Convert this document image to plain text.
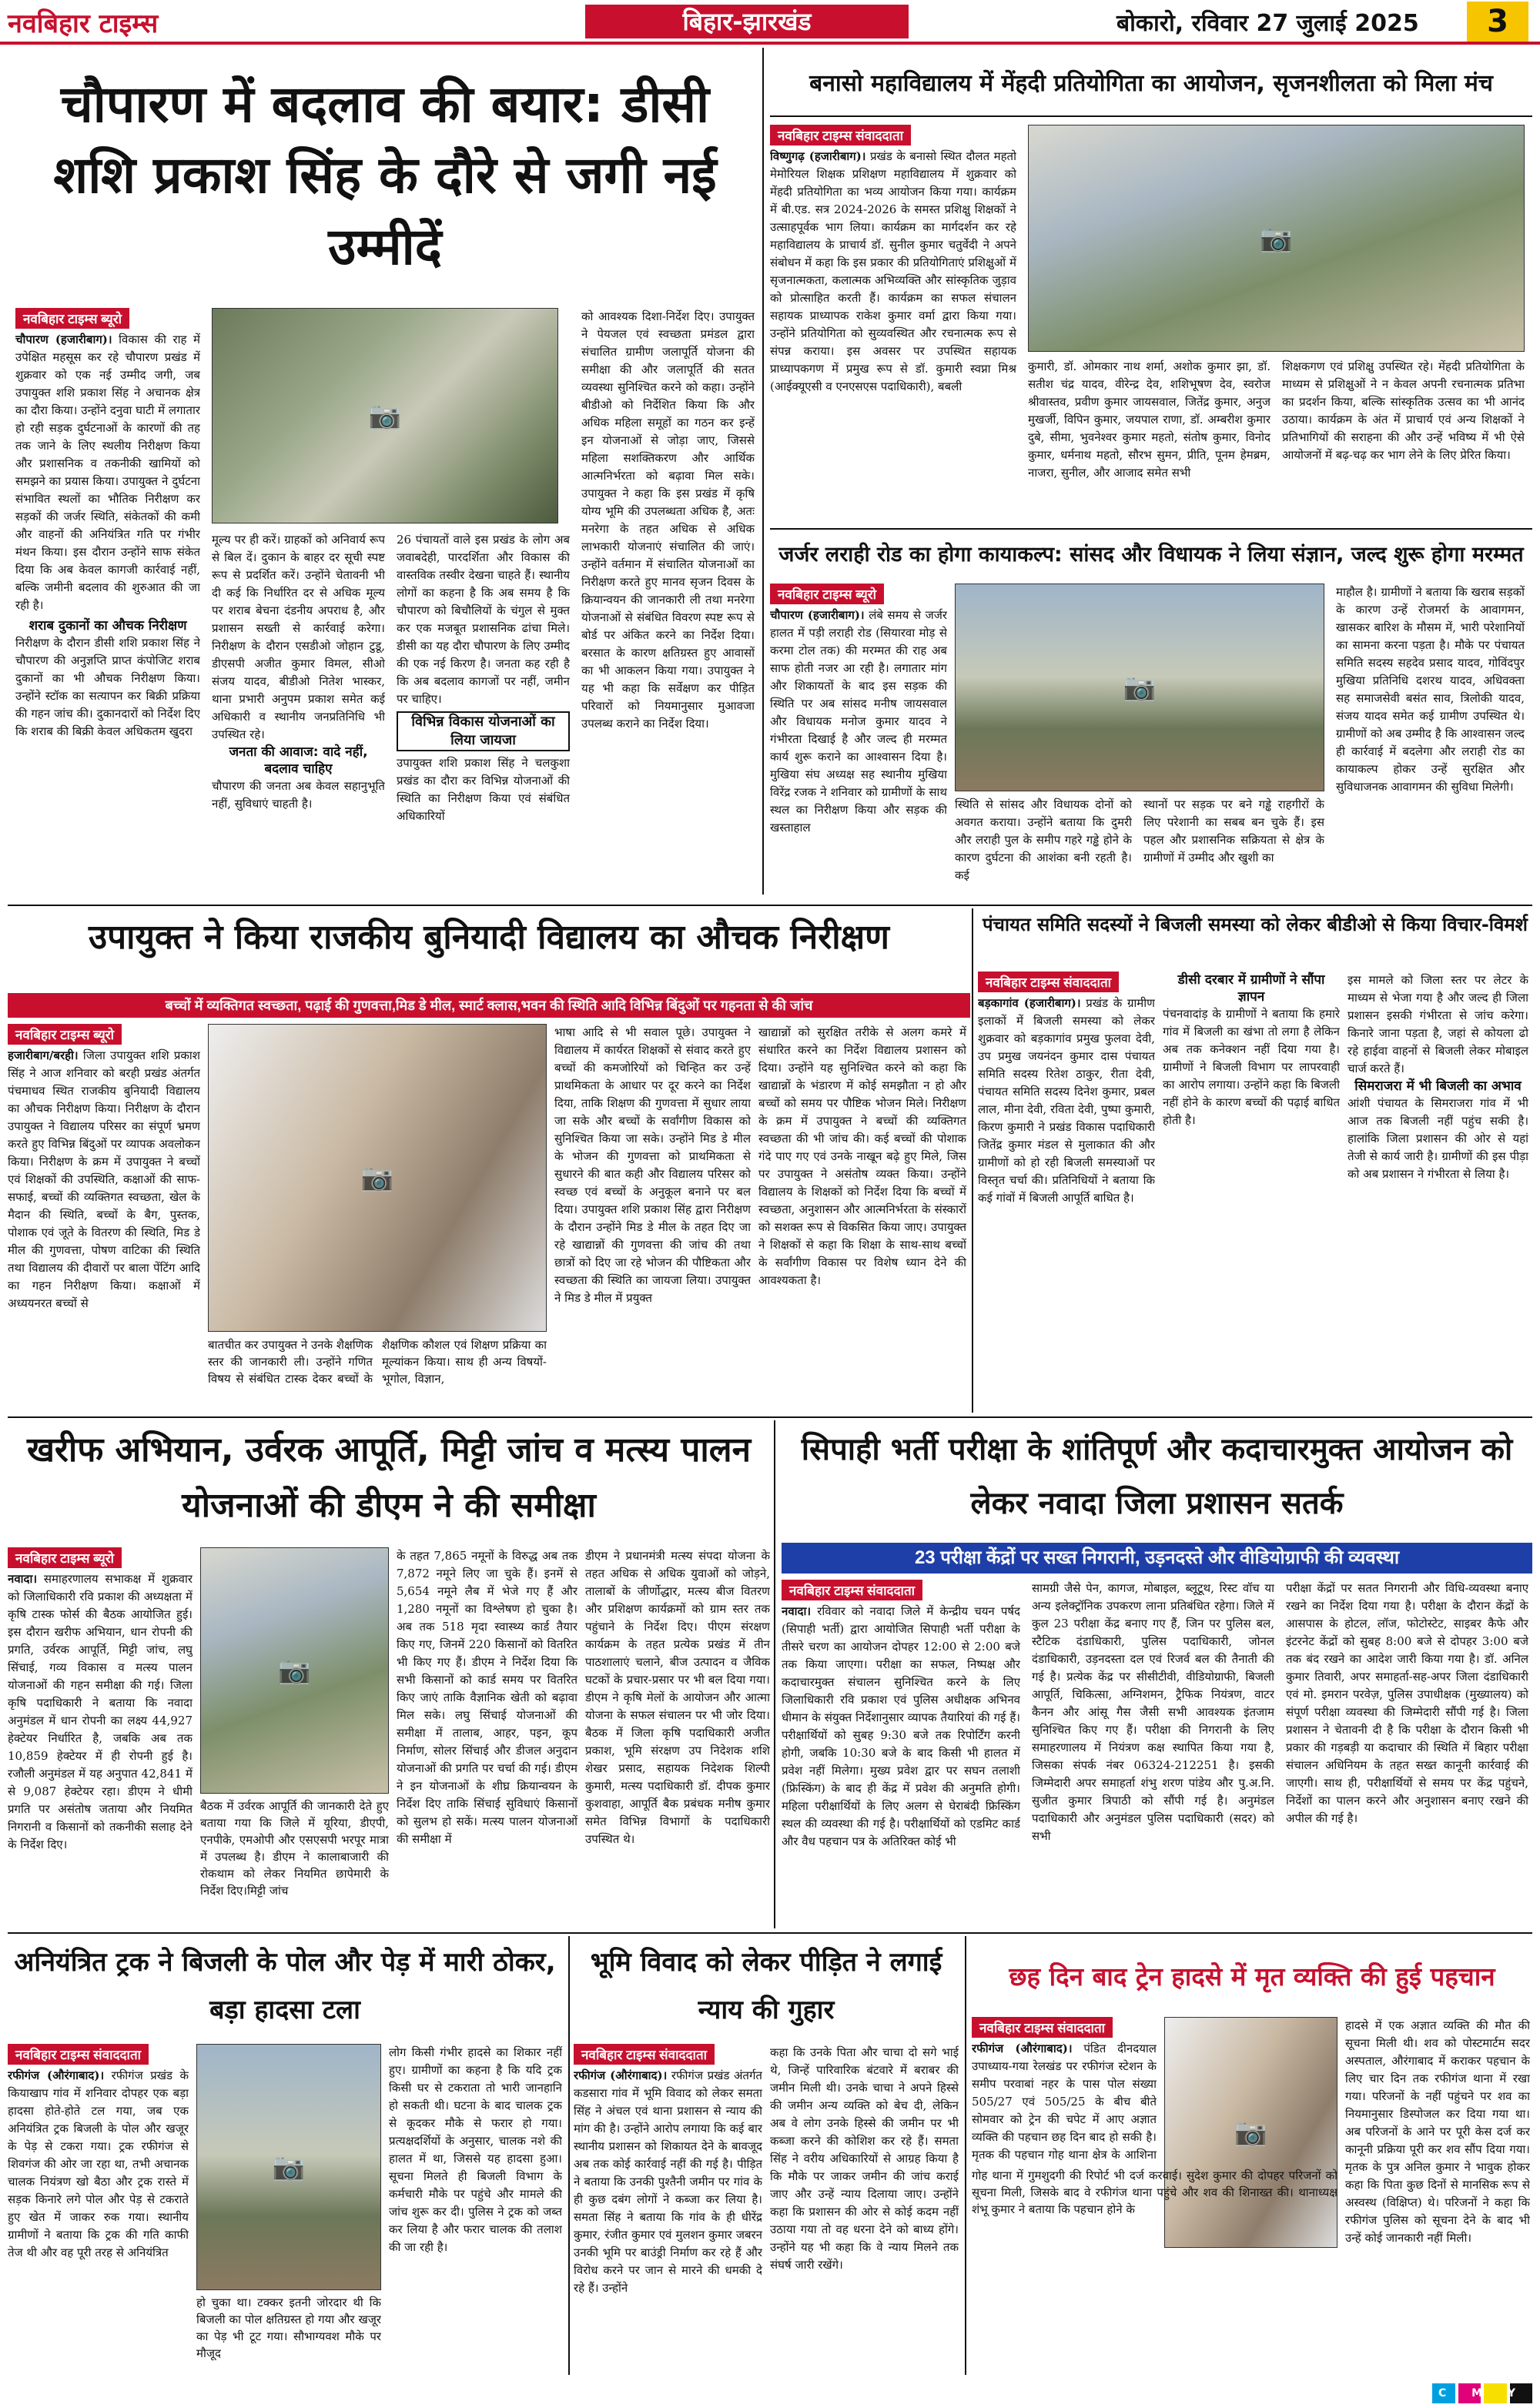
नवबिहार टाइम्स	बिहार-झारखंड	बोकारो, रविवार 27 जुलाई 2025	3
चौपारण में बदलाव की बयार: डीसी शशि प्रकाश सिंह के दौरे से जगी नई उम्मीदें
नवबिहार टाइम्स ब्यूरो
चौपारण (हजारीबाग)। विकास की राह में उपेक्षित महसूस कर रहे चौपारण प्रखंड में शुक्रवार को एक नई उम्मीद जगी, जब उपायुक्त शशि प्रकाश सिंह ने अचानक क्षेत्र का दौरा किया। उन्होंने दनुवा घाटी में लगातार हो रही सड़क दुर्घटनाओं के कारणों की तह तक जाने के लिए स्थलीय निरीक्षण किया और प्रशासनिक व तकनीकी खामियों को समझने का प्रयास किया। उपायुक्त ने दुर्घटना संभावित स्थलों का भौतिक निरीक्षण कर सड़कों की जर्जर स्थिति, संकेतकों की कमी और वाहनों की अनियंत्रित गति पर गंभीर मंथन किया। इस दौरान उन्होंने साफ संकेत दिया कि अब केवल कागजी कार्रवाई नहीं, बल्कि जमीनी बदलाव की शुरुआत की जा रही है।
शराब दुकानों का औचक निरीक्षण
निरीक्षण के दौरान डीसी शशि प्रकाश सिंह ने चौपारण की अनुज्ञप्ति प्राप्त कंपोजिट शराब दुकानों का भी औचक निरीक्षण किया। उन्होंने स्टॉक का सत्यापन कर बिक्री प्रक्रिया की गहन जांच की। दुकानदारों को निर्देश दिए कि शराब की बिक्री केवल अधिकतम खुदरा
📷
मूल्य पर ही करें। ग्राहकों को अनिवार्य रूप से बिल दें। दुकान के बाहर दर सूची स्पष्ट रूप से प्रदर्शित करें। उन्होंने चेतावनी भी दी कई कि निर्धारित दर से अधिक मूल्य पर शराब बेचना दंडनीय अपराध है, और प्रशासन सख्ती से कार्रवाई करेगा। निरीक्षण के दौरान एसडीओ जोहान टुडू, डीएसपी अजीत कुमार विमल, सीओ संजय यादव, बीडीओ नितेश भास्कर, थाना प्रभारी अनुपम प्रकाश समेत कई अधिकारी व स्थानीय जनप्रतिनिधि भी उपस्थित रहे।
जनता की आवाज: वादे नहीं, बदलाव चाहिए
चौपारण की जनता अब केवल सहानुभूति नहीं, सुविधाएं चाहती है।
26 पंचायतों वाले इस प्रखंड के लोग अब जवाबदेही, पारदर्शिता और विकास की वास्तविक तस्वीर देखना चाहते हैं। स्थानीय लोगों का कहना है कि अब समय है कि चौपारण को बिचौलियों के चंगुल से मुक्त कर एक मजबूत प्रशासनिक ढांचा मिले। डीसी का यह दौरा चौपारण के लिए उम्मीद की एक नई किरण है। जनता कह रही है कि अब बदलाव कागजों पर नहीं, जमीन पर चाहिए।
विभिन्न विकास योजनाओं का लिया जायजा
उपायुक्त शशि प्रकाश सिंह ने चलकुशा प्रखंड का दौरा कर विभिन्न योजनाओं की स्थिति का निरीक्षण किया एवं संबंधित अधिकारियों
को आवश्यक दिशा-निर्देश दिए। उपायुक्त ने पेयजल एवं स्वच्छता प्रमंडल द्वारा संचालित ग्रामीण जलापूर्ति योजना की समीक्षा की और जलापूर्ति की सतत व्यवस्था सुनिश्चित करने को कहा। उन्होंने बीडीओ को निर्देशित किया कि और अधिक महिला समूहों का गठन कर इन्हें इन योजनाओं से जोड़ा जाए, जिससे महिला सशक्तिकरण और आर्थिक आत्मनिर्भरता को बढ़ावा मिल सके। उपायुक्त ने कहा कि इस प्रखंड में कृषि योग्य भूमि की उपलब्धता अधिक है, अतः मनरेगा के तहत अधिक से अधिक लाभकारी योजनाएं संचालित की जाएं। उन्होंने वर्तमान में संचालित योजनाओं का निरीक्षण करते हुए मानव सृजन दिवस के क्रियान्वयन की जानकारी ली तथा मनरेगा योजनाओं से संबंधित विवरण स्पष्ट रूप से बोर्ड पर अंकित करने का निर्देश दिया। बरसात के कारण क्षतिग्रस्त हुए आवासों का भी आकलन किया गया। उपायुक्त ने यह भी कहा कि सर्वेक्षण कर पीड़ित परिवारों को नियमानुसार मुआवजा उपलब्ध कराने का निर्देश दिया।
बनासो महाविद्यालय में मेंहदी प्रतियोगिता का आयोजन, सृजनशीलता को मिला मंच
नवबिहार टाइम्स संवाददाता
विष्णुगढ़ (हजारीबाग)। प्रखंड के बनासो स्थित दौलत महतो मेमोरियल शिक्षक प्रशिक्षण महाविद्यालय में शुक्रवार को मेंहदी प्रतियोगिता का भव्य आयोजन किया गया। कार्यक्रम में बी.एड. सत्र 2024-2026 के समस्त प्रशिक्षु शिक्षकों ने उत्साहपूर्वक भाग लिया। कार्यक्रम का मार्गदर्शन कर रहे महाविद्यालय के प्राचार्य डॉ. सुनील कुमार चतुर्वेदी ने अपने संबोधन में कहा कि इस प्रकार की प्रतियोगिताएं प्रशिक्षुओं में सृजनात्मकता, कलात्मक अभिव्यक्ति और सांस्कृतिक जुड़ाव को प्रोत्साहित करती हैं। कार्यक्रम का सफल संचालन सहायक प्राध्यापक राकेश कुमार वर्मा द्वारा किया गया। उन्होंने प्रतियोगिता को सुव्यवस्थित और रचनात्मक रूप से संपन्न कराया। इस अवसर पर उपस्थित सहायक प्राध्यापकगण में प्रमुख रूप से डॉ. कुमारी स्वप्ना मिश्र (आईक्यूएसी व एनएसएस पदाधिकारी), बबली
📷
कुमारी, डॉ. ओमकार नाथ शर्मा, अशोक कुमार झा, डॉ. सतीश चंद्र यादव, वीरेन्द्र देव, शशिभूषण देव, स्वरोज श्रीवास्तव, प्रवीण कुमार जायसवाल, जितेंद्र कुमार, अनुज मुखर्जी, विपिन कुमार, जयपाल राणा, डॉ. अम्बरीश कुमार दुबे, सीमा, भुवनेश्वर कुमार महतो, संतोष कुमार, विनोद कुमार, धर्मनाथ महतो, सौरभ सुमन, प्रीति, पूनम हेमब्रम, नाजरा, सुनील, और आजाद समेत सभी
शिक्षकगण एवं प्रशिक्षु उपस्थित रहे। मेंहदी प्रतियोगिता के माध्यम से प्रशिक्षुओं ने न केवल अपनी रचनात्मक प्रतिभा का प्रदर्शन किया, बल्कि सांस्कृतिक उत्सव का भी आनंद उठाया। कार्यक्रम के अंत में प्राचार्य एवं अन्य शिक्षकों ने प्रतिभागियों की सराहना की और उन्हें भविष्य में भी ऐसे आयोजनों में बढ़-चढ़ कर भाग लेने के लिए प्रेरित किया।
जर्जर लराही रोड का होगा कायाकल्प: सांसद और विधायक ने लिया संज्ञान, जल्द शुरू होगा मरम्मत
नवबिहार टाइम्स ब्यूरो
चौपारण (हजारीबाग)। लंबे समय से जर्जर हालत में पड़ी लराही रोड (सियारवा मोड़ से करमा टोल तक) की मरम्मत की राह अब साफ होती नजर आ रही है। लगातार मांग और शिकायतों के बाद इस सड़क की स्थिति पर अब सांसद मनीष जायसवाल और विधायक मनोज कुमार यादव ने गंभीरता दिखाई है और जल्द ही मरम्मत कार्य शुरू कराने का आश्वासन दिया है। मुखिया संघ अध्यक्ष सह स्थानीय मुखिया विरेंद्र रजक ने शनिवार को ग्रामीणों के साथ स्थल का निरीक्षण किया और सड़क की खस्ताहाल
📷
स्थिति से सांसद और विधायक दोनों को अवगत कराया। उन्होंने बताया कि दुमरी और लराही पुल के समीप गहरे गड्ढे होने के कारण दुर्घटना की आशंका बनी रहती है। कई
स्थानों पर सड़क पर बने गड्ढे राहगीरों के लिए परेशानी का सबब बन चुके हैं। इस पहल और प्रशासनिक सक्रियता से क्षेत्र के ग्रामीणों में उम्मीद और खुशी का
माहौल है। ग्रामीणों ने बताया कि खराब सड़कों के कारण उन्हें रोजमर्रा के आवागमन, खासकर बारिश के मौसम में, भारी परेशानियों का सामना करना पड़ता है। मौके पर पंचायत समिति सदस्य सहदेव प्रसाद यादव, गोविंदपुर मुखिया प्रतिनिधि दशरथ यादव, अधिवक्ता सह समाजसेवी बसंत साव, त्रिलोकी यादव, संजय यादव समेत कई ग्रामीण उपस्थित थे। ग्रामीणों को अब उम्मीद है कि आश्वासन जल्द ही कार्रवाई में बदलेगा और लराही रोड का कायाकल्प होकर उन्हें सुरक्षित और सुविधाजनक आवागमन की सुविधा मिलेगी।
उपायुक्त ने किया राजकीय बुनियादी विद्यालय का औचक निरीक्षण
बच्चों में व्यक्तिगत स्वच्छता, पढ़ाई की गुणवत्ता,मिड डे मील, स्मार्ट क्लास,भवन की स्थिति आदि विभिन्न बिंदुओं पर गहनता से की जांच
नवबिहार टाइम्स ब्यूरो
हजारीबाग/बरही। जिला उपायुक्त शशि प्रकाश सिंह ने आज शनिवार को बरही प्रखंड अंतर्गत पंचमाधव स्थित राजकीय बुनियादी विद्यालय का औचक निरीक्षण किया। निरीक्षण के दौरान उपायुक्त ने विद्यालय परिसर का संपूर्ण भ्रमण करते हुए विभिन्न बिंदुओं पर व्यापक अवलोकन किया। निरीक्षण के क्रम में उपायुक्त ने बच्चों एवं शिक्षकों की उपस्थिति, कक्षाओं की साफ-सफाई, बच्चों की व्यक्तिगत स्वच्छता, खेल के मैदान की स्थिति, बच्चों के बैग, पुस्तक, पोशाक एवं जूते के वितरण की स्थिति, मिड डे मील की गुणवत्ता, पोषण वाटिका की स्थिति तथा विद्यालय की दीवारों पर बाला पेंटिंग आदि का गहन निरीक्षण किया। कक्षाओं में अध्ययनरत बच्चों से
📷
बातचीत कर उपायुक्त ने उनके शैक्षणिक स्तर की जानकारी ली। उन्होंने गणित विषय से संबंधित टास्क देकर बच्चों के शैक्षणिक कौशल एवं शिक्षण प्रक्रिया का मूल्यांकन किया। साथ ही अन्य विषयों- भूगोल, विज्ञान,
भाषा आदि से भी सवाल पूछे। उपायुक्त ने विद्यालय में कार्यरत शिक्षकों से संवाद करते हुए बच्चों की कमजोरियों को चिन्हित कर उन्हें प्राथमिकता के आधार पर दूर करने का निर्देश दिया, ताकि शिक्षण की गुणवत्ता में सुधार लाया जा सके और बच्चों के सर्वांगीण विकास को सुनिश्चित किया जा सके। उन्होंने मिड डे मील के भोजन की गुणवत्ता को प्राथमिकता से सुधारने की बात कही और विद्यालय परिसर को स्वच्छ एवं बच्चों के अनुकूल बनाने पर बल दिया। उपायुक्त शशि प्रकाश सिंह द्वारा निरीक्षण के दौरान उन्होंने मिड डे मील के तहत दिए जा रहे खाद्यान्नों की गुणवत्ता की जांच की तथा छात्रों को दिए जा रहे भोजन की पौष्टिकता और स्वच्छता की स्थिति का जायजा लिया। उपायुक्त ने मिड डे मील में प्रयुक्त
खाद्यान्नों को सुरक्षित तरीके से अलग कमरे में संधारित करने का निर्देश विद्यालय प्रशासन को दिया। उन्होंने यह सुनिश्चित करने को कहा कि खाद्यान्नों के भंडारण में कोई समझौता न हो और बच्चों को समय पर पौष्टिक भोजन मिले। निरीक्षण के क्रम में उपायुक्त ने बच्चों की व्यक्तिगत स्वच्छता की भी जांच की। कई बच्चों की पोशाक गंदे पाए गए एवं उनके नाखून बढ़े हुए मिले, जिस पर उपायुक्त ने असंतोष व्यक्त किया। उन्होंने विद्यालय के शिक्षकों को निर्देश दिया कि बच्चों में स्वच्छता, अनुशासन और आत्मनिर्भरता के संस्कारों को सशक्त रूप से विकसित किया जाए। उपायुक्त ने शिक्षकों से कहा कि शिक्षा के साथ-साथ बच्चों के सर्वांगीण विकास पर विशेष ध्यान देने की आवश्यकता है।
पंचायत समिति सदस्यों ने बिजली समस्या को लेकर बीडीओ से किया विचार-विमर्श
नवबिहार टाइम्स संवाददाता
बड़कागांव (हजारीबाग)। प्रखंड के ग्रामीण इलाकों में बिजली समस्या को लेकर शुक्रवार को बड़कागांव प्रमुख फुलवा देवी, उप प्रमुख जयनंदन कुमार दास पंचायत समिति सदस्य रितेश ठाकुर, रीता देवी, पंचायत समिति सदस्य दिनेश कुमार, प्रबल लाल, मीना देवी, रविता देवी, पुष्पा कुमारी, किरण कुमारी ने प्रखंड विकास पदाधिकारी जितेंद्र कुमार मंडल से मुलाकात की और ग्रामीणों को हो रही बिजली समस्याओं पर विस्तृत चर्चा की। प्रतिनिधियों ने बताया कि कई गांवों में बिजली आपूर्ति बाधित है।
डीसी दरबार में ग्रामीणों ने सौंपा ज्ञापन
पंचनवादांड़ के ग्रामीणों ने बताया कि हमारे गांव में बिजली का खंभा तो लगा है लेकिन अब तक कनेक्शन नहीं दिया गया है। ग्रामीणों ने बिजली विभाग पर लापरवाही का आरोप लगाया। उन्होंने कहा कि बिजली नहीं होने के कारण बच्चों की पढ़ाई बाधित होती है।
इस मामले को जिला स्तर पर लेटर के माध्यम से भेजा गया है और जल्द ही जिला प्रशासन इसकी गंभीरता से जांच करेगा। किनारे जाना पड़ता है, जहां से कोयला ढो रहे हाईवा वाहनों से बिजली लेकर मोबाइल चार्ज करते हैं।
सिमराजरा में भी बिजली का अभाव
आंशी पंचायत के सिमराजरा गांव में भी आज तक बिजली नहीं पहुंच सकी है। हालांकि जिला प्रशासन की ओर से यहां तेजी से कार्य जारी है। ग्रामीणों की इस पीड़ा को अब प्रशासन ने गंभीरता से लिया है।
खरीफ अभियान, उर्वरक आपूर्ति, मिट्टी जांच व मत्स्य पालन योजनाओं की डीएम ने की समीक्षा
नवबिहार टाइम्स ब्यूरो
नवादा। समाहरणालय सभाकक्ष में शुक्रवार को जिलाधिकारी रवि प्रकाश की अध्यक्षता में कृषि टास्क फोर्स की बैठक आयोजित हुई। इस दौरान खरीफ अभियान, धान रोपनी की प्रगति, उर्वरक आपूर्ति, मिट्टी जांच, लघु सिंचाई, गव्य विकास व मत्स्य पालन योजनाओं की गहन समीक्षा की गई। जिला कृषि पदाधिकारी ने बताया कि नवादा अनुमंडल में धान रोपनी का लक्ष्य 44,927 हेक्टेयर निर्धारित है, जबकि अब तक 10,859 हेक्टेयर में ही रोपनी हुई है। रजौली अनुमंडल में यह अनुपात 42,841 में से 9,087 हेक्टेयर रहा। डीएम ने धीमी प्रगति पर असंतोष जताया और नियमित निगरानी व किसानों को तकनीकी सलाह देने के निर्देश दिए।
📷
बैठक में उर्वरक आपूर्ति की जानकारी देते हुए बताया गया कि जिले में यूरिया, डीएपी, एनपीके, एमओपी और एसएसपी भरपूर मात्रा में उपलब्ध है। डीएम ने कालाबाजारी की रोकथाम को लेकर नियमित छापेमारी के निर्देश दिए।मिट्टी जांच
के तहत 7,865 नमूनों के विरुद्ध अब तक 7,872 नमूने लिए जा चुके हैं। इनमें से 5,654 नमूने लैब में भेजे गए हैं और 1,280 नमूनों का विश्लेषण हो चुका है। अब तक 518 मृदा स्वास्थ्य कार्ड तैयार किए गए, जिनमें 220 किसानों को वितरित भी किए गए हैं। डीएम ने निर्देश दिया कि सभी किसानों को कार्ड समय पर वितरित किए जाएं ताकि वैज्ञानिक खेती को बढ़ावा मिल सके। लघु सिंचाई योजनाओं की समीक्षा में तालाब, आहर, पइन, कूप निर्माण, सोलर सिंचाई और डीजल अनुदान योजनाओं की प्रगति पर चर्चा की गई। डीएम ने इन योजनाओं के शीघ्र क्रियान्वयन के निर्देश दिए ताकि सिंचाई सुविधाएं किसानों को सुलभ हो सकें। मत्स्य पालन योजनाओं की समीक्षा में
डीएम ने प्रधानमंत्री मत्स्य संपदा योजना के तहत अधिक से अधिक युवाओं को जोड़ने, तालाबों के जीर्णोद्धार, मत्स्य बीज वितरण और प्रशिक्षण कार्यक्रमों को ग्राम स्तर तक पहुंचाने के निर्देश दिए। पीएम संरक्षण कार्यक्रम के तहत प्रत्येक प्रखंड में तीन पाठशालाएं चलाने, बीज उत्पादन व जैविक घटकों के प्रचार-प्रसार पर भी बल दिया गया। डीएम ने कृषि मेलों के आयोजन और आत्मा योजना के सफल संचालन पर भी जोर दिया। बैठक में जिला कृषि पदाधिकारी अजीत प्रकाश, भूमि संरक्षण उप निदेशक शशि शेखर प्रसाद, सहायक निदेशक शिल्पी कुमारी, मत्स्य पदाधिकारी डॉ. दीपक कुमार कुशवाहा, आपूर्ति बैक प्रबंधक मनीष कुमार समेत विभिन्न विभागों के पदाधिकारी उपस्थित थे।
सिपाही भर्ती परीक्षा के शांतिपूर्ण और कदाचारमुक्त आयोजन को लेकर नवादा जिला प्रशासन सतर्क
23 परीक्षा केंद्रों पर सख्त निगरानी, उड़नदस्ते और वीडियोग्राफी की व्यवस्था
नवबिहार टाइम्स संवाददाता
नवादा। रविवार को नवादा जिले में केन्द्रीय चयन पर्षद (सिपाही भर्ती) द्वारा आयोजित सिपाही भर्ती परीक्षा के तीसरे चरण का आयोजन दोपहर 12:00 से 2:00 बजे तक किया जाएगा। परीक्षा का सफल, निष्पक्ष और कदाचारमुक्त संचालन सुनिश्चित करने के लिए जिलाधिकारी रवि प्रकाश एवं पुलिस अधीक्षक अभिनव धीमान के संयुक्त निर्देशानुसार व्यापक तैयारियां की गई हैं। परीक्षार्थियों को सुबह 9:30 बजे तक रिपोर्टिंग करनी होगी, जबकि 10:30 बजे के बाद किसी भी हालत में प्रवेश नहीं मिलेगा। मुख्य प्रवेश द्वार पर सघन तलाशी (फ्रिस्किंग) के बाद ही केंद्र में प्रवेश की अनुमति होगी। महिला परीक्षार्थियों के लिए अलग से घेराबंदी फ्रिस्किंग स्थल की व्यवस्था की गई है। परीक्षार्थियों को एडमिट कार्ड और वैध पहचान पत्र के अतिरिक्त कोई भी
सामग्री जैसे पेन, कागज, मोबाइल, ब्लूटूथ, रिस्ट वॉच या अन्य इलेक्ट्रॉनिक उपकरण लाना प्रतिबंधित रहेगा। जिले में कुल 23 परीक्षा केंद्र बनाए गए हैं, जिन पर पुलिस बल, स्टैटिक दंडाधिकारी, पुलिस पदाधिकारी, जोनल दंडाधिकारी, उड़नदस्ता दल एवं रिजर्व बल की तैनाती की गई है। प्रत्येक केंद्र पर सीसीटीवी, वीडियोग्राफी, बिजली आपूर्ति, चिकित्सा, अग्निशमन, ट्रैफिक नियंत्रण, वाटर कैनन और आंसू गैस जैसी सभी आवश्यक इंतजाम सुनिश्चित किए गए हैं। परीक्षा की निगरानी के लिए समाहरणालय में नियंत्रण कक्ष स्थापित किया गया है, जिसका संपर्क नंबर 06324-212251 है। इसकी जिम्मेदारी अपर समाहर्ता शंभु शरण पांडेय और पु.अ.नि. सुजीत कुमार त्रिपाठी को सौंपी गई है। अनुमंडल पदाधिकारी और अनुमंडल पुलिस पदाधिकारी (सदर) को सभी
परीक्षा केंद्रों पर सतत निगरानी और विधि-व्यवस्था बनाए रखने का निर्देश दिया गया है। परीक्षा के दौरान केंद्रों के आसपास के होटल, लॉज, फोटोस्टेट, साइबर कैफे और इंटरनेट केंद्रों को सुबह 8:00 बजे से दोपहर 3:00 बजे तक बंद रखने का आदेश जारी किया गया है। डॉ. अनिल कुमार तिवारी, अपर समाहर्ता-सह-अपर जिला दंडाधिकारी एवं मो. इमरान परवेज़, पुलिस उपाधीक्षक (मुख्यालय) को संपूर्ण परीक्षा व्यवस्था की जिम्मेदारी सौंपी गई है। जिला प्रशासन ने चेतावनी दी है कि परीक्षा के दौरान किसी भी प्रकार की गड़बड़ी या कदाचार की स्थिति में बिहार परीक्षा संचालन अधिनियम के तहत सख्त कानूनी कार्रवाई की जाएगी। साथ ही, परीक्षार्थियों से समय पर केंद्र पहुंचने, निर्देशों का पालन करने और अनुशासन बनाए रखने की अपील की गई है।
अनियंत्रित ट्रक ने बिजली के पोल और पेड़ में मारी ठोकर, बड़ा हादसा टला
नवबिहार टाइम्स संवाददाता
रफीगंज (औरंगाबाद)। रफीगंज प्रखंड के कियाखाप गांव में शनिवार दोपहर एक बड़ा हादसा होते-होते टल गया, जब एक अनियंत्रित ट्रक बिजली के पोल और खजूर के पेड़ से टकरा गया। ट्रक रफीगंज से शिवगंज की ओर जा रहा था, तभी अचानक चालक नियंत्रण खो बैठा और ट्रक रास्ते में सड़क किनारे लगे पोल और पेड़ से टकराते हुए खेत में जाकर रुक गया। स्थानीय ग्रामीणों ने बताया कि ट्रक की गति काफी तेज थी और वह पूरी तरह से अनियंत्रित
📷
हो चुका था। टक्कर इतनी जोरदार थी कि बिजली का पोल क्षतिग्रस्त हो गया और खजूर का पेड़ भी टूट गया। सौभाग्यवश मौके पर मौजूद
लोग किसी गंभीर हादसे का शिकार नहीं हुए। ग्रामीणों का कहना है कि यदि ट्रक किसी घर से टकराता तो भारी जानहानि हो सकती थी। घटना के बाद चालक ट्रक से कूदकर मौके से फरार हो गया। प्रत्यक्षदर्शियों के अनुसार, चालक नशे की हालत में था, जिससे यह हादसा हुआ। सूचना मिलते ही बिजली विभाग के कर्मचारी मौके पर पहुंचे और मामले की जांच शुरू कर दी। पुलिस ने ट्रक को जब्त कर लिया है और फरार चालक की तलाश की जा रही है।
भूमि विवाद को लेकर पीड़ित ने लगाई न्याय की गुहार
नवबिहार टाइम्स संवाददाता
रफीगंज (औरंगाबाद)। रफीगंज प्रखंड अंतर्गत कडसारा गांव में भूमि विवाद को लेकर समता सिंह ने अंचल एवं थाना प्रशासन से न्याय की मांग की है। उन्होंने आरोप लगाया कि कई बार स्थानीय प्रशासन को शिकायत देने के बावजूद अब तक कोई कार्रवाई नहीं की गई है। पीड़ित ने बताया कि उनकी पुश्तैनी जमीन पर गांव के ही कुछ दबंग लोगों ने कब्जा कर लिया है। समता सिंह ने बताया कि गांव के ही धीरेंद्र कुमार, रंजीत कुमार एवं मुलशन कुमार जबरन उनकी भूमि पर बाउंड्री निर्माण कर रहे हैं और विरोध करने पर जान से मारने की धमकी दे रहे हैं। उन्होंने
कहा कि उनके पिता और चाचा दो सगे भाई थे, जिन्हें पारिवारिक बंटवारे में बराबर की जमीन मिली थी। उनके चाचा ने अपने हिस्से की जमीन अन्य व्यक्ति को बेच दी, लेकिन अब वे लोग उनके हिस्से की जमीन पर भी कब्जा करने की कोशिश कर रहे हैं। समता सिंह ने वरीय अधिकारियों से आग्रह किया है कि मौके पर जाकर जमीन की जांच कराई जाए और उन्हें न्याय दिलाया जाए। उन्होंने कहा कि प्रशासन की ओर से कोई कदम नहीं उठाया गया तो वह धरना देने को बाध्य होंगे। उन्होंने यह भी कहा कि वे न्याय मिलने तक संघर्ष जारी रखेंगे।
छह दिन बाद ट्रेन हादसे में मृत व्यक्ति की हुई पहचान
नवबिहार टाइम्स संवाददाता
रफीगंज (औरंगाबाद)। पंडित दीनदयाल उपाध्याय-गया रेलखंड पर रफीगंज स्टेशन के समीप परवाबां नहर के पास पोल संख्या 505/27 एवं 505/25 के बीच बीते सोमवार को ट्रेन की चपेट में आए अज्ञात व्यक्ति की पहचान छह दिन बाद हो सकी है। मृतक की पहचान गोह थाना क्षेत्र के आशिना
📷
गोह थाना में गुमशुदगी की रिपोर्ट भी दर्ज करवाई। सुदेश कुमार की दोपहर परिजनों को सूचना मिली, जिसके बाद वे रफीगंज थाना पहुंचे और शव की शिनाख्त की। थानाध्यक्ष शंभू कुमार ने बताया कि पहचान होने के
हादसे में एक अज्ञात व्यक्ति की मौत की सूचना मिली थी। शव को पोस्टमार्टम सदर अस्पताल, औरंगाबाद में कराकर पहचान के लिए चार दिन तक रफीगंज थाना में रखा गया। परिजनों के नहीं पहुंचने पर शव का नियमानुसार डिस्पोजल कर दिया गया था। अब परिजनों के आने पर पूरी केस दर्ज कर कानूनी प्रक्रिया पूरी कर शव सौंप दिया गया। मृतक के पुत्र अनिल कुमार ने भावुक होकर कहा कि पिता कुछ दिनों से मानसिक रूप से अस्वस्थ (विक्षिप्त) थे। परिजनों ने कहा कि रफीगंज पुलिस को सूचना देने के बाद भी उन्हें कोई जानकारी नहीं मिली।
C M Y
